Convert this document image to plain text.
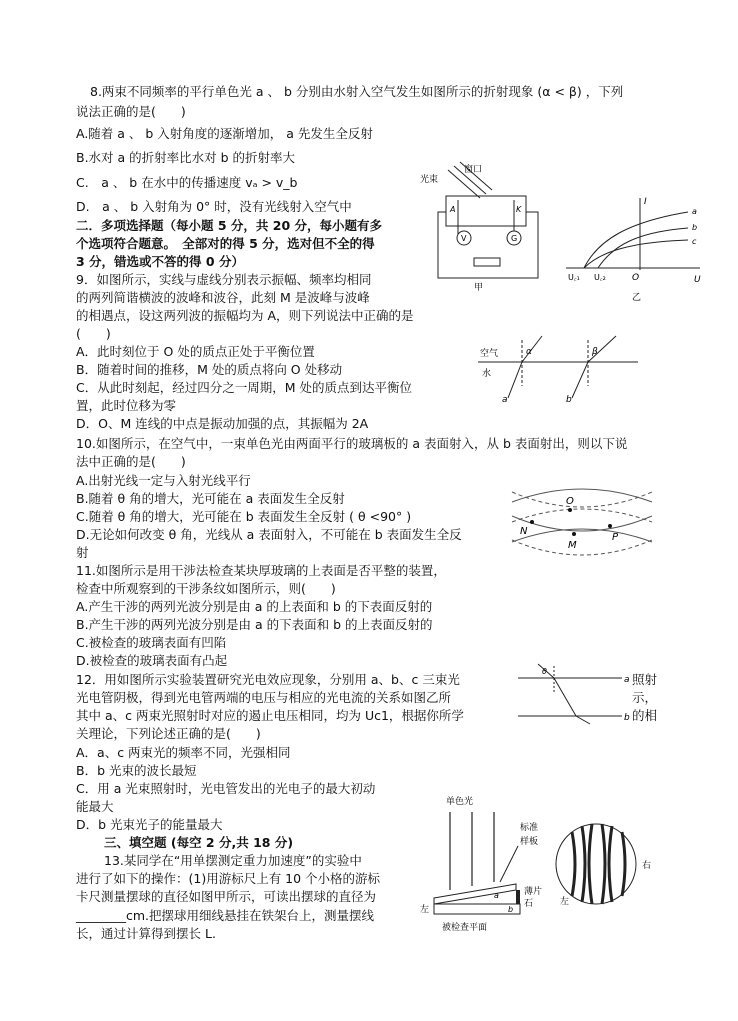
8.两束不同频率的平行单色光 a 、 b 分别由水射入空气发生如图所示的折射现象 (α < β) ，下列
说法正确的是(　　)
A.随着 a 、 b 入射角度的逐渐增加， a 先发生全反射
B.水对 a 的折射率比水对 b 的折射率大
C.　a 、 b 在水中的传播速度 vₐ > v_b
D.　a 、 b 入射角为 0° 时，没有光线射入空气中
二．多项选择题（每小题 5 分，共 20 分，每小题有多
个选项符合题意。　全部对的得 5 分，选对但不全的得
3 分，错选或不答的得 0 分）
9．如图所示，实线与虚线分别表示振幅、频率均相同
的两列简谐横波的波峰和波谷，此刻 M 是波峰与波峰
的相遇点，设这两列波的振幅均为 A，则下列说法中正确的是
(　　)
A．此时刻位于 O 处的质点正处于平衡位置
B．随着时间的推移，M 处的质点将向 O 处移动
C．从此时刻起，经过四分之一周期，M 处的质点到达平衡位
置，此时位移为零
D．O、M 连线的中点是振动加强的点，其振幅为 2A
10.如图所示，在空气中，一束单色光由两面平行的玻璃板的 a 表面射入，从 b 表面射出，则以下说
法中正确的是(　　)
A.出射光线一定与入射光线平行
B.随着 θ 角的增大，光可能在 a 表面发生全反射
C.随着 θ 角的增大，光可能在 b 表面发生全反射 ( θ <90° )
D.无论如何改变 θ 角，光线从 a 表面射入，不可能在 b 表面发生全反
射
11.如图所示是用干涉法检查某块厚玻璃的上表面是否平整的装置，
检查中所观察到的干涉条纹如图所示，则(　　)
A.产生干涉的两列光波分别是由 a 的上表面和 b 的下表面反射的
B.产生干涉的两列光波分别是由 a 的下表面和 b 的上表面反射的
C.被检查的玻璃表面有凹陷
D.被检查的玻璃表面有凸起
12．用如图所示实验装置研究光电效应现象，分别用 a、b、c 三束光	照射
光电管阴极，得到光电管两端的电压与相应的光电流的关系如图乙所	示，
其中 a、c 两束光照射时对应的遏止电压相同，均为 Uc1，根据你所学	的相
关理论，下列论述正确的是(　　)
A．a、c 两束光的频率不同，光强相同
B．b 光束的波长最短
C．用 a 光束照射时，光电管发出的光电子的最大初动
能最大
D．b 光束光子的能量最大
三、填空题 (每空 2 分,共 18 分)
13.某同学在“用单摆测定重力加速度”的实验中
进行了如下的操作：(1)用游标尺上有 10 个小格的游标
卡尺测量摆球的直径如图甲所示，可读出摆球的直径为
________cm.把摆球用细线悬挂在铁架台上，测量摆线
长，通过计算得到摆长 L.
光束
窗口
A	K
V	G
甲
I
U
O
U꜀₁ U꜀₂
a
b
c
乙
空气
水
α	β
a	b
O
N
M
P
θ
a
b
单色光
标准
样板
a
b
薄片
石
左
被检查平面
左
右
